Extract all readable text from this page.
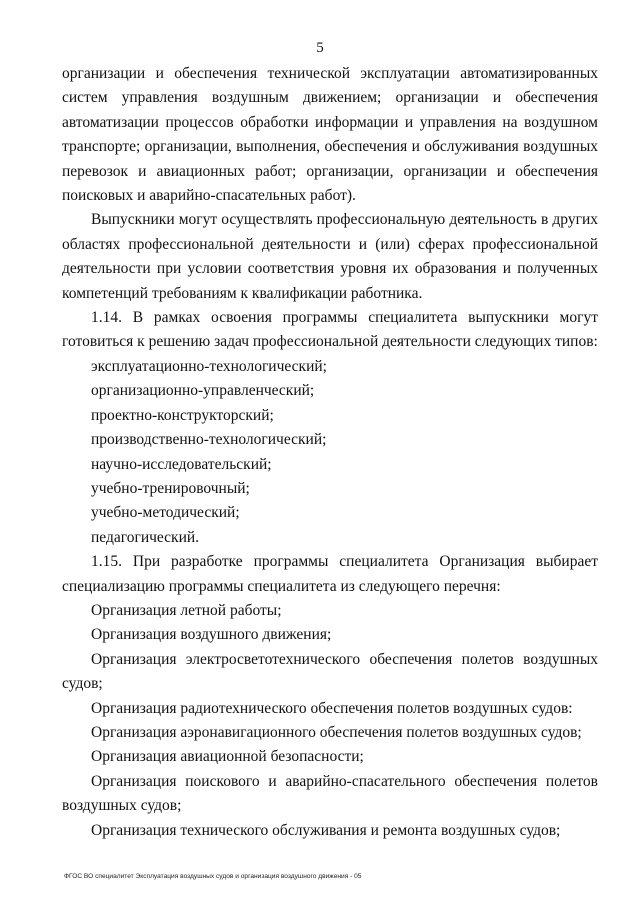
5

организации и обеспечения технической эксплуатации автоматизированных систем управления воздушным движением; организации и обеспечения автоматизации процессов обработки информации и управления на воздушном транспорте; организации, выполнения, обеспечения и обслуживания воздушных перевозок и авиационных работ; организации, организации и обеспечения поисковых и аварийно-спасательных работ).

Выпускники могут осуществлять профессиональную деятельность в других областях профессиональной деятельности и (или) сферах профессиональной деятельности при условии соответствия уровня их образования и полученных компетенций требованиям к квалификации работника.

1.14. В рамках освоения программы специалитета выпускники могут готовиться к решению задач профессиональной деятельности следующих типов:

эксплуатационно-технологический;

организационно-управленческий;

проектно-конструкторский;

производственно-технологический;

научно-исследовательский;

учебно-тренировочный;

учебно-методический;

педагогический.

1.15. При разработке программы специалитета Организация выбирает специализацию программы специалитета из следующего перечня:

Организация летной работы;

Организация воздушного движения;

Организация электросветотехнического обеспечения полетов воздушных судов;

Организация радиотехнического обеспечения полетов воздушных судов:

Организация аэронавигационного обеспечения полетов воздушных судов;

Организация авиационной безопасности;

Организация поискового и аварийно-спасательного обеспечения полетов воздушных судов;

Организация технического обслуживания и ремонта воздушных судов;

ФГОС ВО специалитет Эксплуатация воздушных судов и организация воздушного движения - 05
